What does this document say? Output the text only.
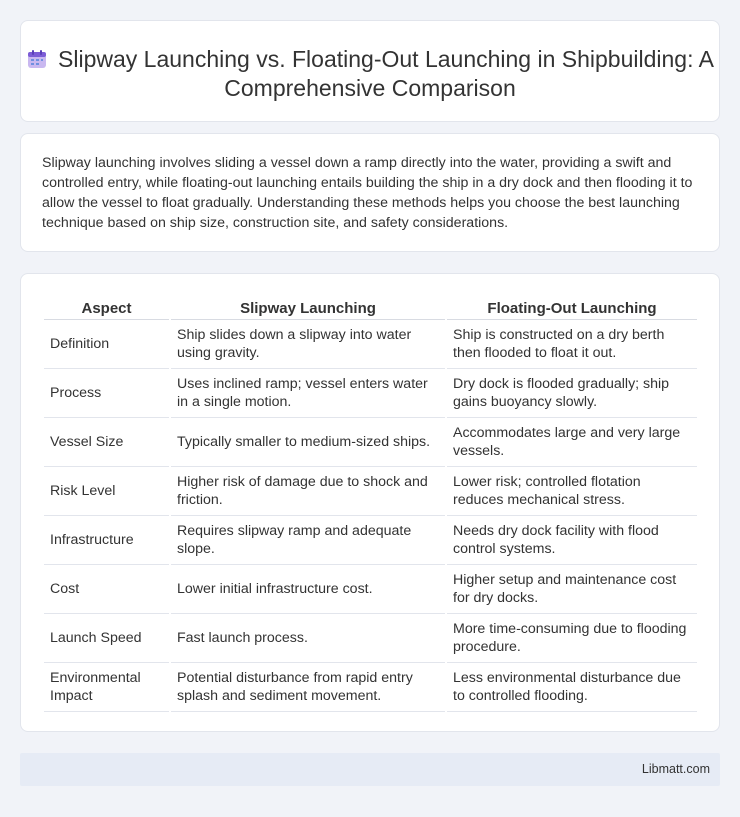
Slipway Launching vs. Floating-Out Launching in Shipbuilding: A Comprehensive Comparison

Slipway launching involves sliding a vessel down a ramp directly into the water, providing a swift and controlled entry, while floating-out launching entails building the ship in a dry dock and then flooding it to allow the vessel to float gradually. Understanding these methods helps you choose the best launching technique based on ship size, construction site, and safety considerations.

Aspect	Slipway Launching	Floating-Out Launching
Definition	Ship slides down a slipway into water using gravity.	Ship is constructed on a dry berth then flooded to float it out.
Process	Uses inclined ramp; vessel enters water in a single motion.	Dry dock is flooded gradually; ship gains buoyancy slowly.
Vessel Size	Typically smaller to medium-sized ships.	Accommodates large and very large vessels.
Risk Level	Higher risk of damage due to shock and friction.	Lower risk; controlled flotation reduces mechanical stress.
Infrastructure	Requires slipway ramp and adequate slope.	Needs dry dock facility with flood control systems.
Cost	Lower initial infrastructure cost.	Higher setup and maintenance cost for dry docks.
Launch Speed	Fast launch process.	More time-consuming due to flooding procedure.
Environmental Impact	Potential disturbance from rapid entry splash and sediment movement.	Less environmental disturbance due to controlled flooding.
Libmatt.com
